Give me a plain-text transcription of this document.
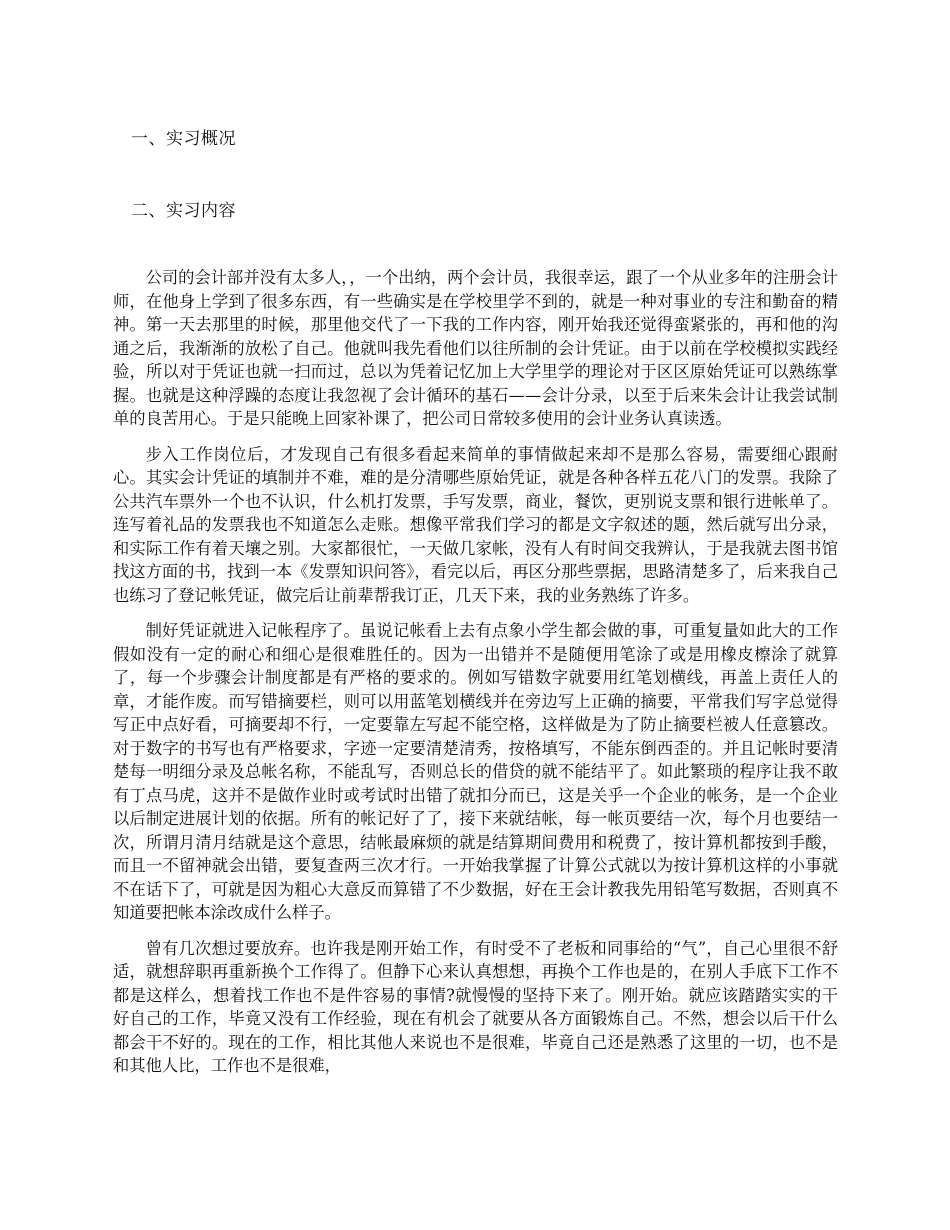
一、实习概况
二、实习内容

公司的会计部并没有太多人，，一个出纳，两个会计员，我很幸运，跟了一个从业多年的注册会计师，在他身上学到了很多东西，有一些确实是在学校里学不到的，就是一种对事业的专注和勤奋的精神。第一天去那里的时候，那里他交代了一下我的工作内容，刚开始我还觉得蛮紧张的，再和他的沟通之后，我渐渐的放松了自己。他就叫我先看他们以往所制的会计凭证。由于以前在学校模拟实践经验，所以对于凭证也就一扫而过，总以为凭着记忆加上大学里学的理论对于区区原始凭证可以熟练掌握。也就是这种浮躁的态度让我忽视了会计循环的基石——会计分录，以至于后来朱会计让我尝试制单的良苦用心。于是只能晚上回家补课了，把公司日常较多使用的会计业务认真读透。

步入工作岗位后，才发现自己有很多看起来简单的事情做起来却不是那么容易，需要细心跟耐心。其实会计凭证的填制并不难，难的是分清哪些原始凭证，就是各种各样五花八门的发票。我除了公共汽车票外一个也不认识，什么机打发票，手写发票，商业，餐饮，更别说支票和银行进帐单了。连写着礼品的发票我也不知道怎么走账。想像平常我们学习的都是文字叙述的题，然后就写出分录，和实际工作有着天壤之别。大家都很忙，一天做几家帐，没有人有时间交我辨认，于是我就去图书馆找这方面的书，找到一本《发票知识问答》，看完以后，再区分那些票据，思路清楚多了，后来我自己也练习了登记帐凭证，做完后让前辈帮我订正，几天下来，我的业务熟练了许多。

制好凭证就进入记帐程序了。虽说记帐看上去有点象小学生都会做的事，可重复量如此大的工作假如没有一定的耐心和细心是很难胜任的。因为一出错并不是随便用笔涂了或是用橡皮檫涂了就算了，每一个步骤会计制度都是有严格的要求的。例如写错数字就要用红笔划横线，再盖上责任人的章，才能作废。而写错摘要栏，则可以用蓝笔划横线并在旁边写上正确的摘要，平常我们写字总觉得写正中点好看，可摘要却不行，一定要靠左写起不能空格，这样做是为了防止摘要栏被人任意篡改。对于数字的书写也有严格要求，字迹一定要清楚清秀，按格填写，不能东倒西歪的。并且记帐时要清楚每一明细分录及总帐名称，不能乱写，否则总长的借贷的就不能结平了。如此繁琐的程序让我不敢有丁点马虎，这并不是做作业时或考试时出错了就扣分而已，这是关乎一个企业的帐务，是一个企业以后制定进展计划的依据。所有的帐记好了了，接下来就结帐，每一帐页要结一次，每个月也要结一次，所谓月清月结就是这个意思，结帐最麻烦的就是结算期间费用和税费了，按计算机都按到手酸，而且一不留神就会出错，要复查两三次才行。一开始我掌握了计算公式就以为按计算机这样的小事就不在话下了，可就是因为粗心大意反而算错了不少数据，好在王会计教我先用铅笔写数据，否则真不知道要把帐本涂改成什么样子。

曾有几次想过要放弃。也许我是刚开始工作，有时受不了老板和同事给的“气”，自己心里很不舒适，就想辞职再重新换个工作得了。但静下心来认真想想，再换个工作也是的，在别人手底下工作不都是这样么，想着找工作也不是件容易的事情?就慢慢的坚持下来了。刚开始。就应该踏踏实实的干好自己的工作，毕竟又没有工作经验，现在有机会了就要从各方面锻炼自己。不然，想会以后干什么都会干不好的。现在的工作，相比其他人来说也不是很难，毕竟自己还是熟悉了这里的一切，也不是和其他人比，工作也不是很难，
